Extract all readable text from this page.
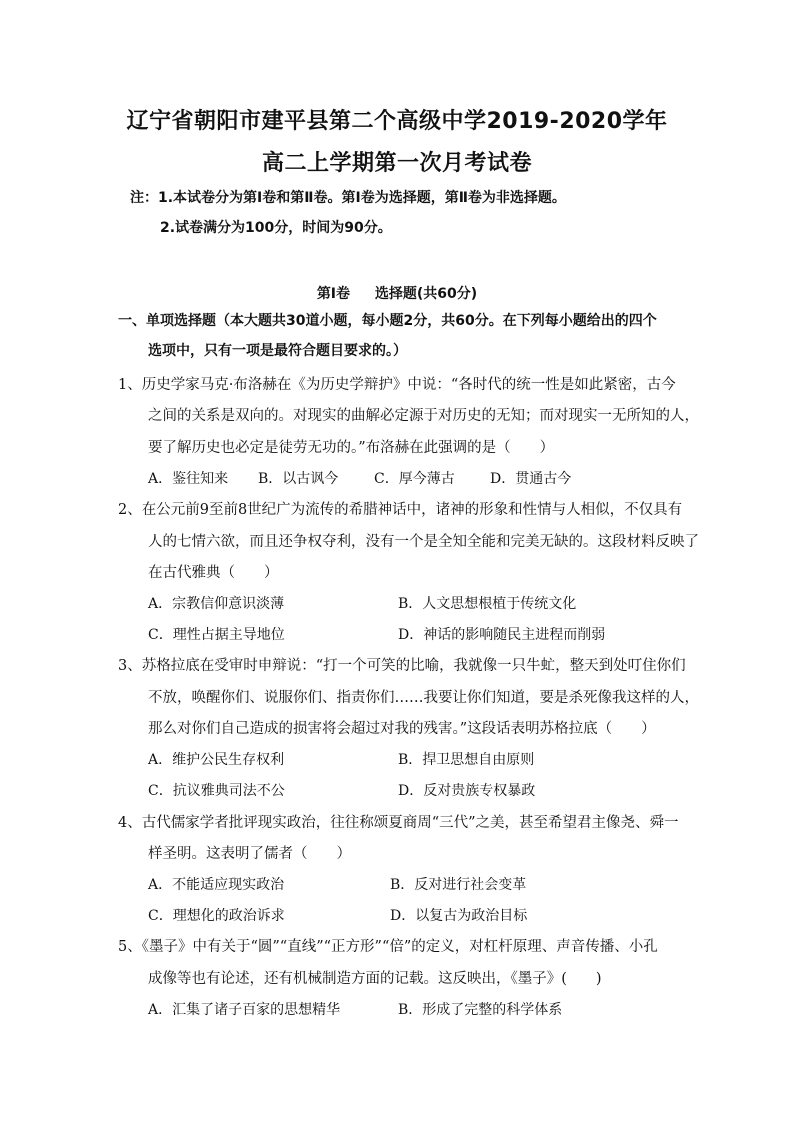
辽宁省朝阳市建平县第二个高级中学2019-2020学年
高二上学期第一次月考试卷
注：1.本试卷分为第Ⅰ卷和第Ⅱ卷。第Ⅰ卷为选择题，第Ⅱ卷为非选择题。
2.试卷满分为100分，时间为90分。
第Ⅰ卷 选择题(共60分)
一、单项选择题（本大题共30道小题，每小题2分，共60分。在下列每小题给出的四个
选项中，只有一项是最符合题目要求的。）
1、历史学家马克·布洛赫在《为历史学辩护》中说：“各时代的统一性是如此紧密，古今
之间的关系是双向的。对现实的曲解必定源于对历史的无知；而对现实一无所知的人，
要了解历史也必定是徒劳无功的。”布洛赫在此强调的是（　　）
A．鉴往知来 B．以古讽今	C．厚今薄古	D．贯通古今
2、在公元前9至前8世纪广为流传的希腊神话中，诸神的形象和性情与人相似，不仅具有
人的七情六欲，而且还争权夺利，没有一个是全知全能和完美无缺的。这段材料反映了
在古代雅典（　　）
A．宗教信仰意识淡薄	B．人文思想根植于传统文化
C．理性占据主导地位	D．神话的影响随民主进程而削弱
3、苏格拉底在受审时申辩说：“打一个可笑的比喻，我就像一只牛虻，整天到处叮住你们
不放，唤醒你们、说服你们、指责你们……我要让你们知道，要是杀死像我这样的人，
那么对你们自己造成的损害将会超过对我的残害。”这段话表明苏格拉底（　　）
A．维护公民生存权利	B．捍卫思想自由原则
C．抗议雅典司法不公	D．反对贵族专权暴政
4、古代儒家学者批评现实政治，往往称颂夏商周“三代”之美，甚至希望君主像尧、舜一
样圣明。这表明了儒者（　　）
A．不能适应现实政治	B．反对进行社会变革
C．理想化的政治诉求	D．以复古为政治目标
5、《墨子》中有关于“圆”“直线”“正方形”“倍”的定义，对杠杆原理、声音传播、小孔
成像等也有论述，还有机械制造方面的记载。这反映出，《墨子》(　　)
A．汇集了诸子百家的思想精华	B．形成了完整的科学体系
